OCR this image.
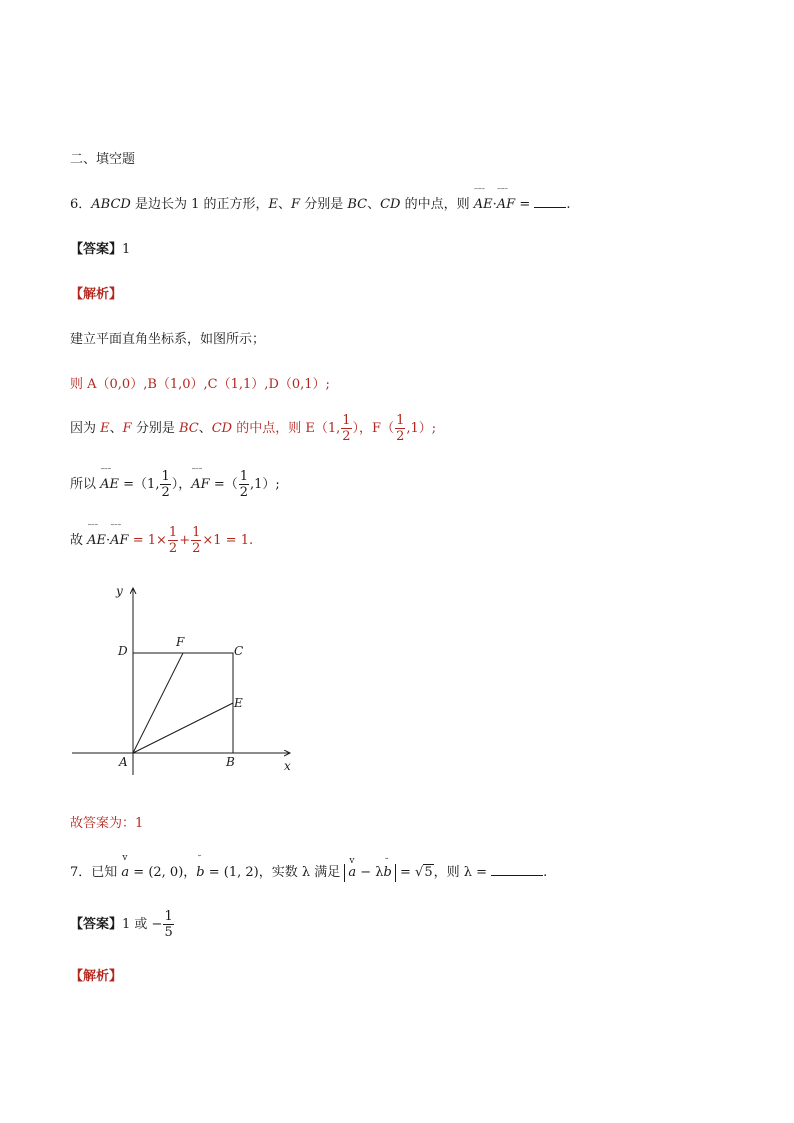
二、填空题
6．ABCD 是边长为 1 的正方形，E、F 分别是 BC、CD 的中点，则 ˜˜˜ AE·˜˜˜ AF = .
【答案】1
【解析】
建立平面直角坐标系，如图所示；
则 A（0,0）,B（1,0）,C（1,1）,D（0,1）;
因为 E、F 分别是 BC、CD 的中点，则 E（1, $\frac{1}{2}$ ），$F( \frac{1}{2} ,1)$;
所以 ˜˜˜ AE =（1, $\frac{1}{2}$ ），˜˜˜ AF =（ $\frac{1}{2} ,1$）;
故 ˜˜˜ AE·˜˜˜ AF = $1\times \frac{1}{2} + \frac{1}{2} \times 1 = 1$.
y
x
A	B
C
D
E
F
故答案为：1
7．已知 v a = (2, 0)，˘ b = (1, 2)，实数 λ 满足 v a − λ˘ b = √5，则 λ =	.
【答案】1 或 − $\frac{1}{5}$
【解析】
